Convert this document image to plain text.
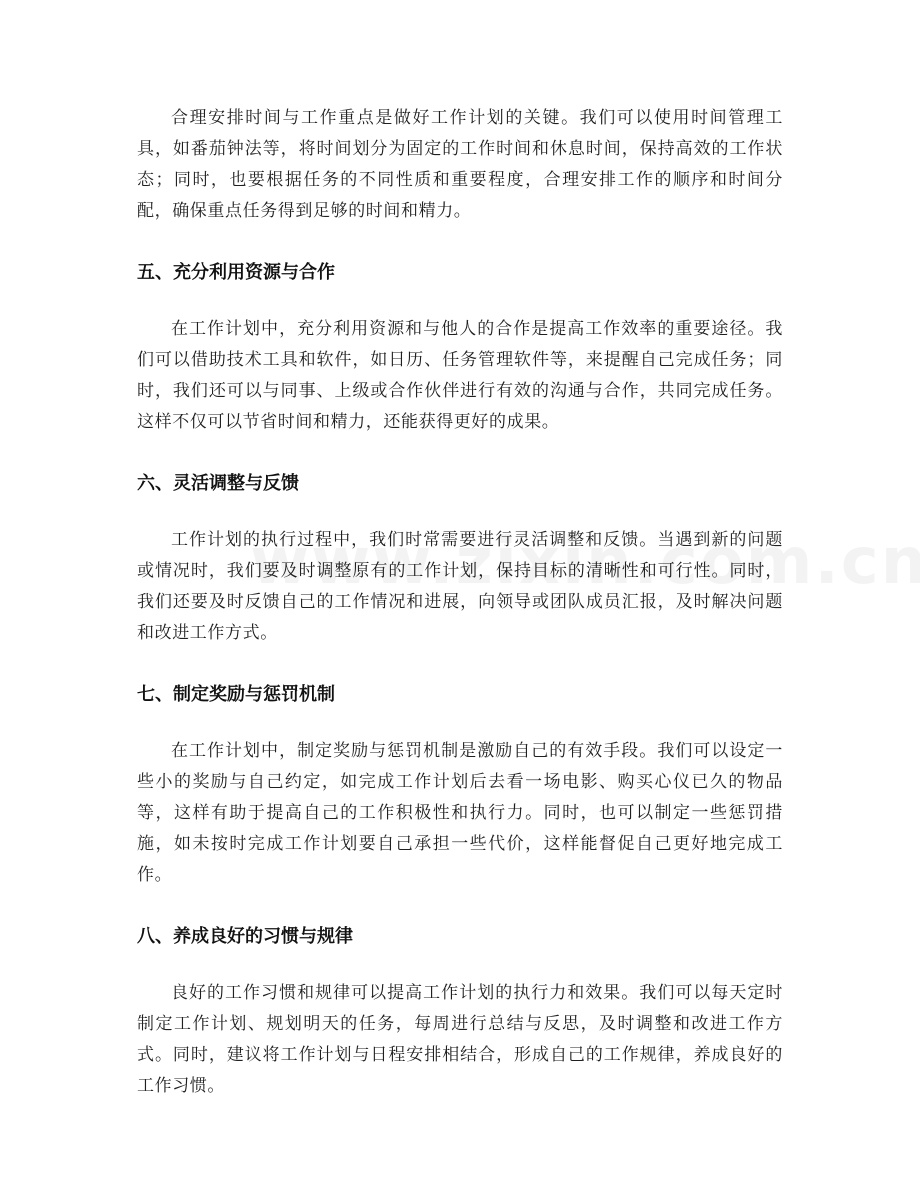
合理安排时间与工作重点是做好工作计划的关键。我们可以使用时间管理工具，如番茄钟法等，将时间划分为固定的工作时间和休息时间，保持高效的工作状态；同时，也要根据任务的不同性质和重要程度，合理安排工作的顺序和时间分配，确保重点任务得到足够的时间和精力。

五、充分利用资源与合作

在工作计划中，充分利用资源和与他人的合作是提高工作效率的重要途径。我们可以借助技术工具和软件，如日历、任务管理软件等，来提醒自己完成任务；同时，我们还可以与同事、上级或合作伙伴进行有效的沟通与合作，共同完成任务。这样不仅可以节省时间和精力，还能获得更好的成果。

六、灵活调整与反馈

工作计划的执行过程中，我们时常需要进行灵活调整和反馈。当遇到新的问题或情况时，我们要及时调整原有的工作计划，保持目标的清晰性和可行性。同时，我们还要及时反馈自己的工作情况和进展，向领导或团队成员汇报，及时解决问题和改进工作方式。

七、制定奖励与惩罚机制

在工作计划中，制定奖励与惩罚机制是激励自己的有效手段。我们可以设定一些小的奖励与自己约定，如完成工作计划后去看一场电影、购买心仪已久的物品等，这样有助于提高自己的工作积极性和执行力。同时，也可以制定一些惩罚措施，如未按时完成工作计划要自己承担一些代价，这样能督促自己更好地完成工作。

八、养成良好的习惯与规律

良好的工作习惯和规律可以提高工作计划的执行力和效果。我们可以每天定时制定工作计划、规划明天的任务，每周进行总结与反思，及时调整和改进工作方式。同时，建议将工作计划与日程安排相结合，形成自己的工作规律，养成良好的工作习惯。
